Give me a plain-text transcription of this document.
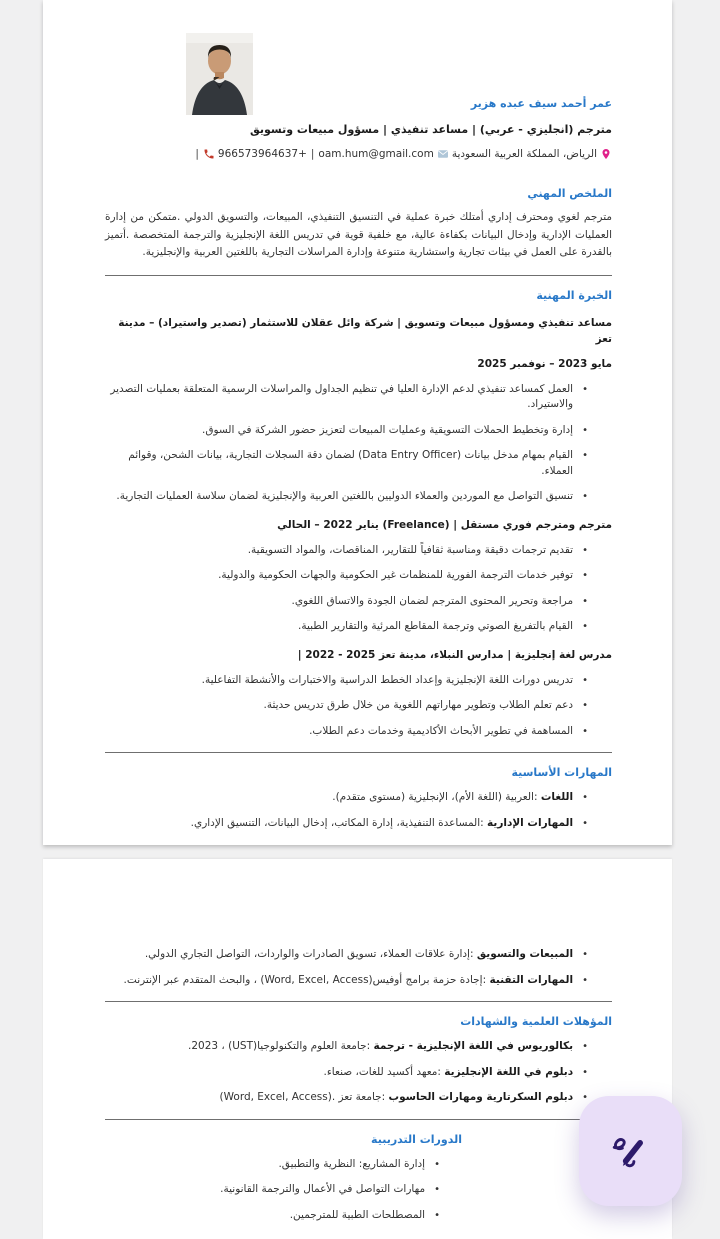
عمر أحمد سيف عبده هزير
مترجم (انجليزي - عربي) | مساعد تنفيذي | مسؤول مبيعات وتسويق
الرياض، المملكة العربية السعودية
oam.hum@gmail.com
|
966573964637+
|
الملخص المهني
مترجم لغوي ومحترف إداري أمتلك خبرة عملية في التنسيق التنفيذي، المبيعات، والتسويق الدولي .متمكن من إدارة العمليات الإدارية وإدخال البيانات بكفاءة عالية، مع خلفية قوية في تدريس اللغة الإنجليزية والترجمة المتخصصة .أتميز بالقدرة على العمل في بيئات تجارية واستشارية متنوعة وإدارة المراسلات التجارية باللغتين العربية والإنجليزية.
الخبرة المهنية
مساعد تنفيذي ومسؤول مبيعات وتسويق | شركة وائل عقلان للاستثمار (تصدير واستيراد) – مدينة تعز
مايو 2023 – نوفمبر 2025
•
العمل كمساعد تنفيذي لدعم الإدارة العليا في تنظيم الجداول والمراسلات الرسمية المتعلقة بعمليات التصدير والاستيراد.
•
إدارة وتخطيط الحملات التسويقية وعمليات المبيعات لتعزيز حضور الشركة في السوق.
•
القيام بمهام مدخل بيانات (Data Entry Officer) لضمان دقة السجلات التجارية، بيانات الشحن، وقوائم العملاء.
•
تنسيق التواصل مع الموردين والعملاء الدوليين باللغتين العربية والإنجليزية لضمان سلاسة العمليات التجارية.
مترجم ومترجم فوري مستقل | (Freelance) يناير 2022 – الحالي
•
تقديم ترجمات دقيقة ومناسبة ثقافياً للتقارير، المناقصات، والمواد التسويقية.
•
توفير خدمات الترجمة الفورية للمنظمات غير الحكومية والجهات الحكومية والدولية.
•
مراجعة وتحرير المحتوى المترجم لضمان الجودة والاتساق اللغوي.
•
القيام بالتفريغ الصوتي وترجمة المقاطع المرئية والتقارير الطبية.
مدرس لغة إنجليزية | مدارس النبلاء، مدينة تعز 2025 - 2022 |
•
تدريس دورات اللغة الإنجليزية وإعداد الخطط الدراسية والاختبارات والأنشطة التفاعلية.
•
دعم تعلم الطلاب وتطوير مهاراتهم اللغوية من خلال طرق تدريس حديثة.
•
المساهمة في تطوير الأبحاث الأكاديمية وخدمات دعم الطلاب.
المهارات الأساسية
•
اللغات :العربية (اللغة الأم)، الإنجليزية (مستوى متقدم).
•
المهارات الإدارية :المساعدة التنفيذية، إدارة المكاتب، إدخال البيانات، التنسيق الإداري.
•
المبيعات والتسويق :إدارة علاقات العملاء، تسويق الصادرات والواردات، التواصل التجاري الدولي.
•
المهارات التقنية :إجادة حزمة برامج أوفيس(Word, Excel, Access) ، والبحث المتقدم عبر الإنترنت.
المؤهلات العلمية والشهادات
•
بكالوريوس في اللغة الإنجليزية - ترجمة :جامعة العلوم والتكنولوجيا(UST) ، 2023.
•
دبلوم في اللغة الإنجليزية :معهد أكسيد للغات، صنعاء.
•
دبلوم السكرتارية ومهارات الحاسوب :جامعة تعز .(Word, Excel, Access)
الدورات التدريبية
•
إدارة المشاريع: النظرية والتطبيق.
•
مهارات التواصل في الأعمال والترجمة القانونية.
•
المصطلحات الطبية للمترجمين.
